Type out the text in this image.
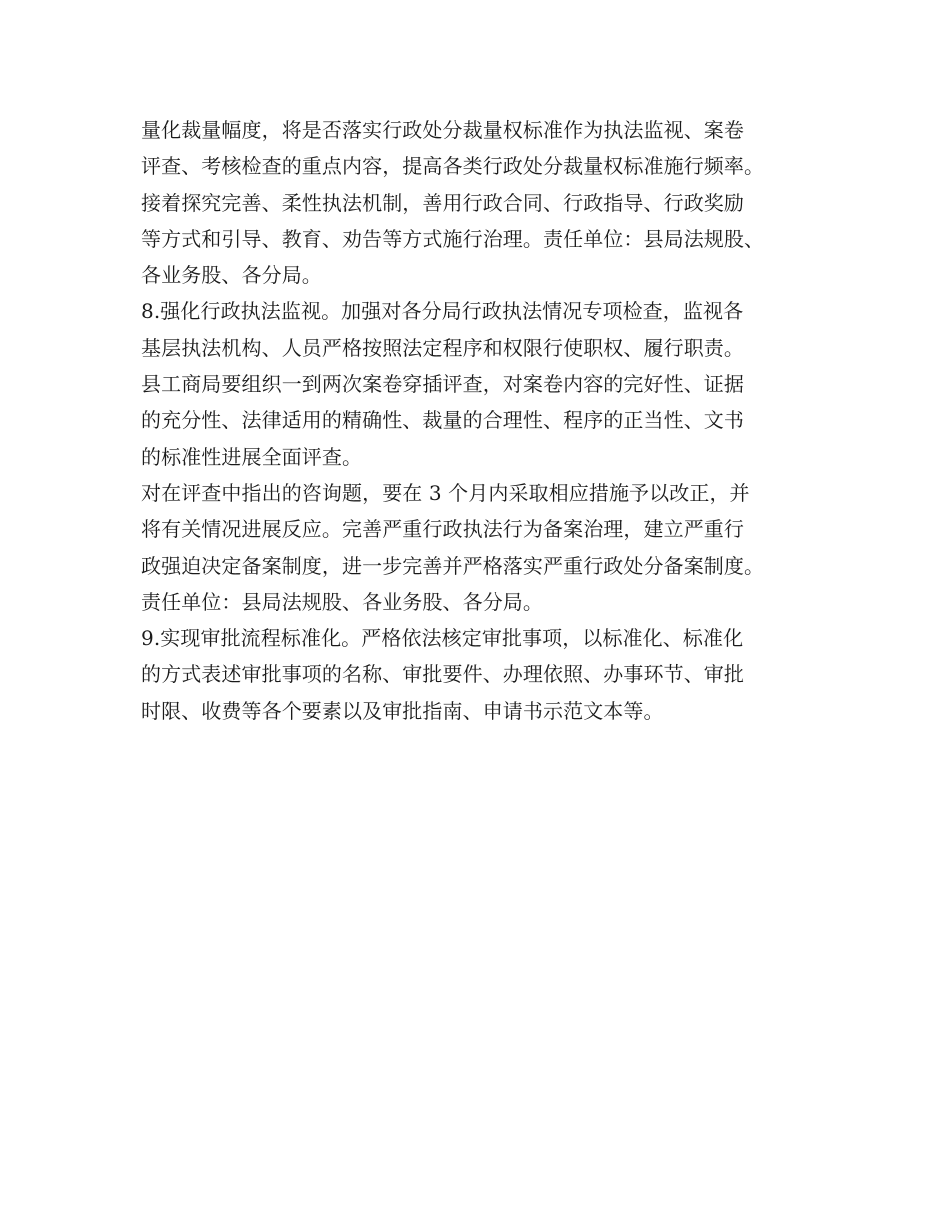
量化裁量幅度，将是否落实行政处分裁量权标准作为执法监视、案卷
评查、考核检查的重点内容，提高各类行政处分裁量权标准施行频率。
接着探究完善、柔性执法机制，善用行政合同、行政指导、行政奖励
等方式和引导、教育、劝告等方式施行治理。责任单位：县局法规股、
各业务股、各分局。
8.强化行政执法监视。加强对各分局行政执法情况专项检查，监视各
基层执法机构、人员严格按照法定程序和权限行使职权、履行职责。
县工商局要组织一到两次案卷穿插评查，对案卷内容的完好性、证据
的充分性、法律适用的精确性、裁量的合理性、程序的正当性、文书
的标准性进展全面评查。
对在评查中指出的咨询题，要在 3 个月内采取相应措施予以改正，并
将有关情况进展反应。完善严重行政执法行为备案治理，建立严重行
政强迫决定备案制度，进一步完善并严格落实严重行政处分备案制度。
责任单位：县局法规股、各业务股、各分局。
9.实现审批流程标准化。严格依法核定审批事项，以标准化、标准化
的方式表述审批事项的名称、审批要件、办理依照、办事环节、审批
时限、收费等各个要素以及审批指南、申请书示范文本等。
